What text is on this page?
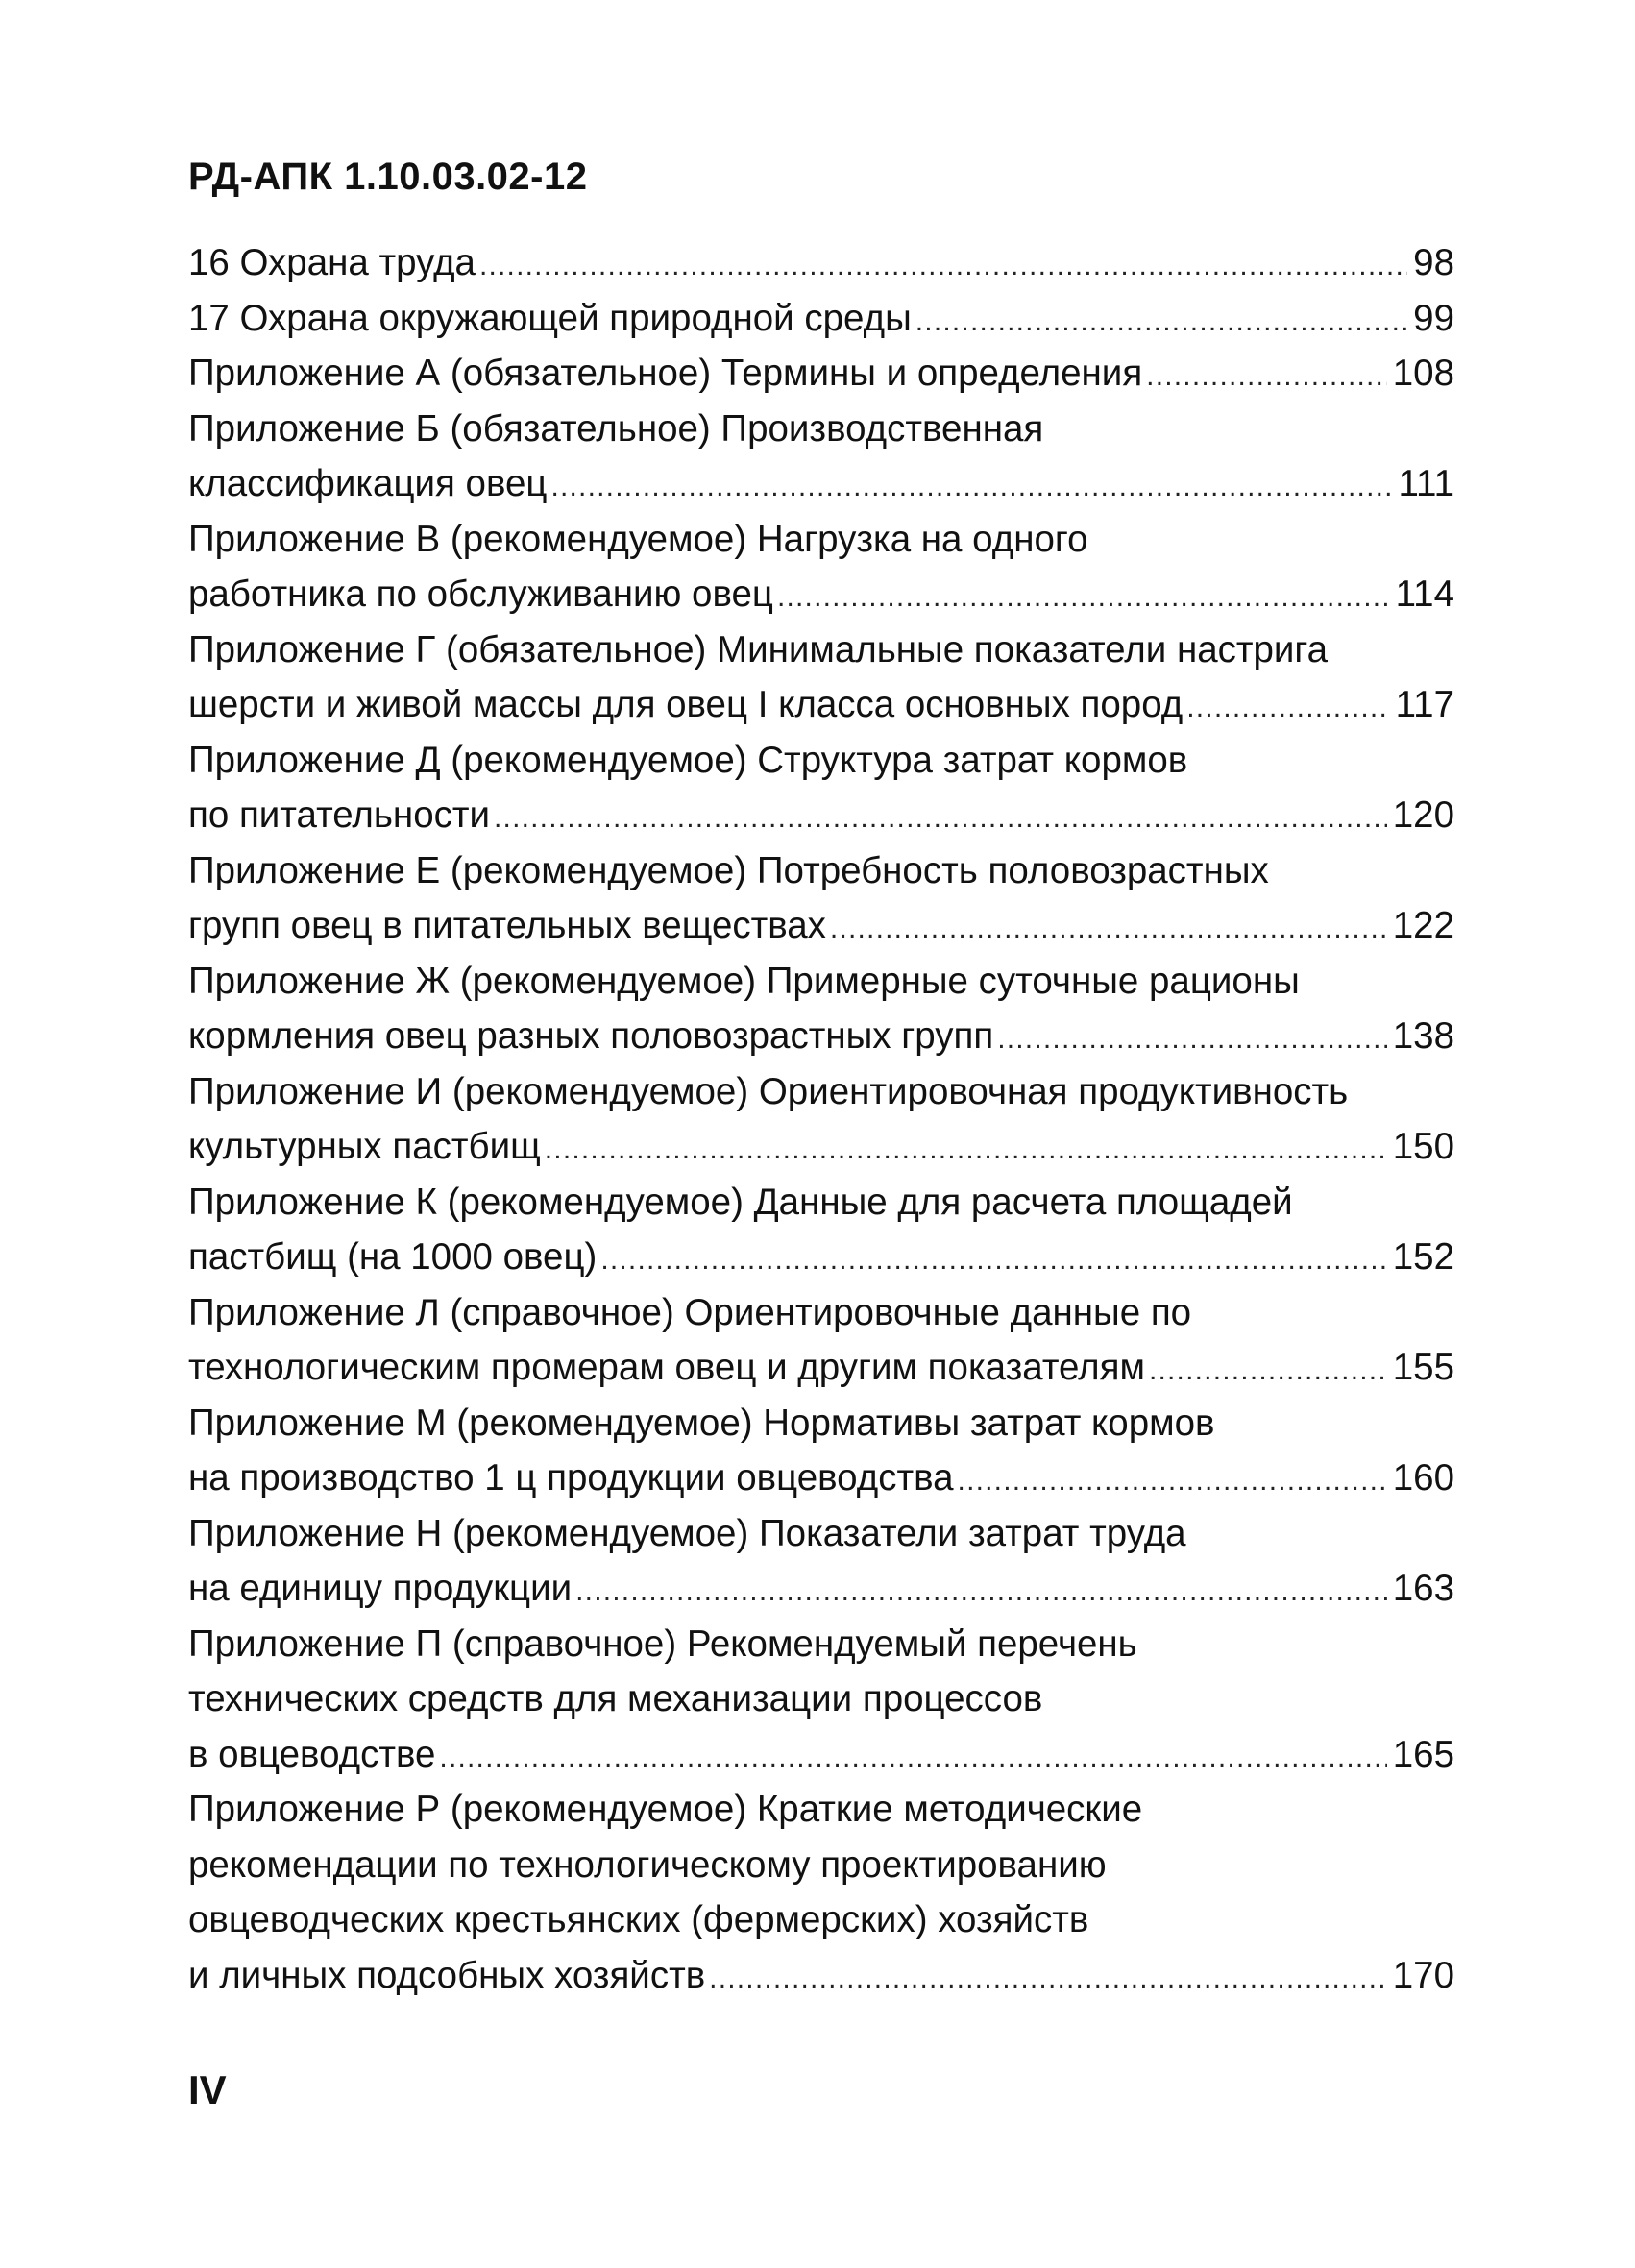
РД-АПК 1.10.03.02-12
16 Охрана труда .....	98
17 Охрана окружающей природной среды .....	99
Приложение А (обязательное) Термины и определения .....	108
Приложение Б (обязательное) Производственная
классификация овец .....	111
Приложение В (рекомендуемое) Нагрузка на одного
работника по обслуживанию овец .....	114
Приложение Г (обязательное) Минимальные показатели настрига
шерсти и живой массы для овец I класса основных пород .....	117
Приложение Д (рекомендуемое) Структура затрат кормов
по питательности .....	120
Приложение Е (рекомендуемое) Потребность половозрастных
групп овец в питательных веществах .....	122
Приложение Ж (рекомендуемое) Примерные суточные рационы
кормления овец разных половозрастных групп .....	138
Приложение И (рекомендуемое) Ориентировочная продуктивность
культурных пастбищ .....	150
Приложение К (рекомендуемое) Данные для расчета площадей
пастбищ (на 1000 овец) .....	152
Приложение Л (справочное) Ориентировочные данные по
технологическим промерам овец и другим показателям .....	155
Приложение М (рекомендуемое) Нормативы затрат кормов
на производство 1 ц продукции овцеводства .....	160
Приложение Н (рекомендуемое) Показатели затрат труда
на единицу продукции .....	163
Приложение П (справочное) Рекомендуемый перечень
технических средств для механизации процессов
в овцеводстве .....	165
Приложение Р (рекомендуемое) Краткие методические
рекомендации по технологическому проектированию
овцеводческих крестьянских (фермерских) хозяйств
и личных подсобных хозяйств .....	170
IV
